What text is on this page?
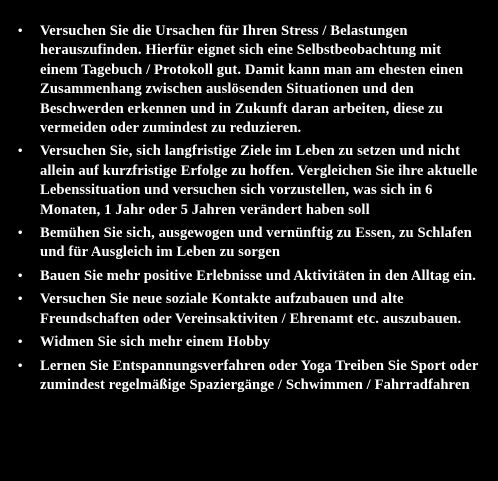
• Versuchen Sie die Ursachen für Ihren Stress / Belastungen herauszufinden. Hierfür eignet sich eine Selbstbeobachtung mit einem Tagebuch / Protokoll gut. Damit kann man am ehesten einen Zusammenhang zwischen auslösenden Situationen und den Beschwerden erkennen und in Zukunft daran arbeiten, diese zu vermeiden oder zumindest zu reduzieren.
• Versuchen Sie, sich langfristige Ziele im Leben zu setzen und nicht allein auf kurzfristige Erfolge zu hoffen. Vergleichen Sie ihre aktuelle Lebenssituation und versuchen sich vorzustellen, was sich in 6 Monaten, 1 Jahr oder 5 Jahren verändert haben soll
• Bemühen Sie sich, ausgewogen und vernünftig zu Essen, zu Schlafen und für Ausgleich im Leben zu sorgen
• Bauen Sie mehr positive Erlebnisse und Aktivitäten in den Alltag ein.
• Versuchen Sie neue soziale Kontakte aufzubauen und alte Freundschaften oder Vereinsaktiviten / Ehrenamt etc. auszubauen.
• Widmen Sie sich mehr einem Hobby
• Lernen Sie Entspannungsverfahren oder Yoga Treiben Sie Sport oder zumindest regelmäßige Spaziergänge / Schwimmen / Fahrradfahren
